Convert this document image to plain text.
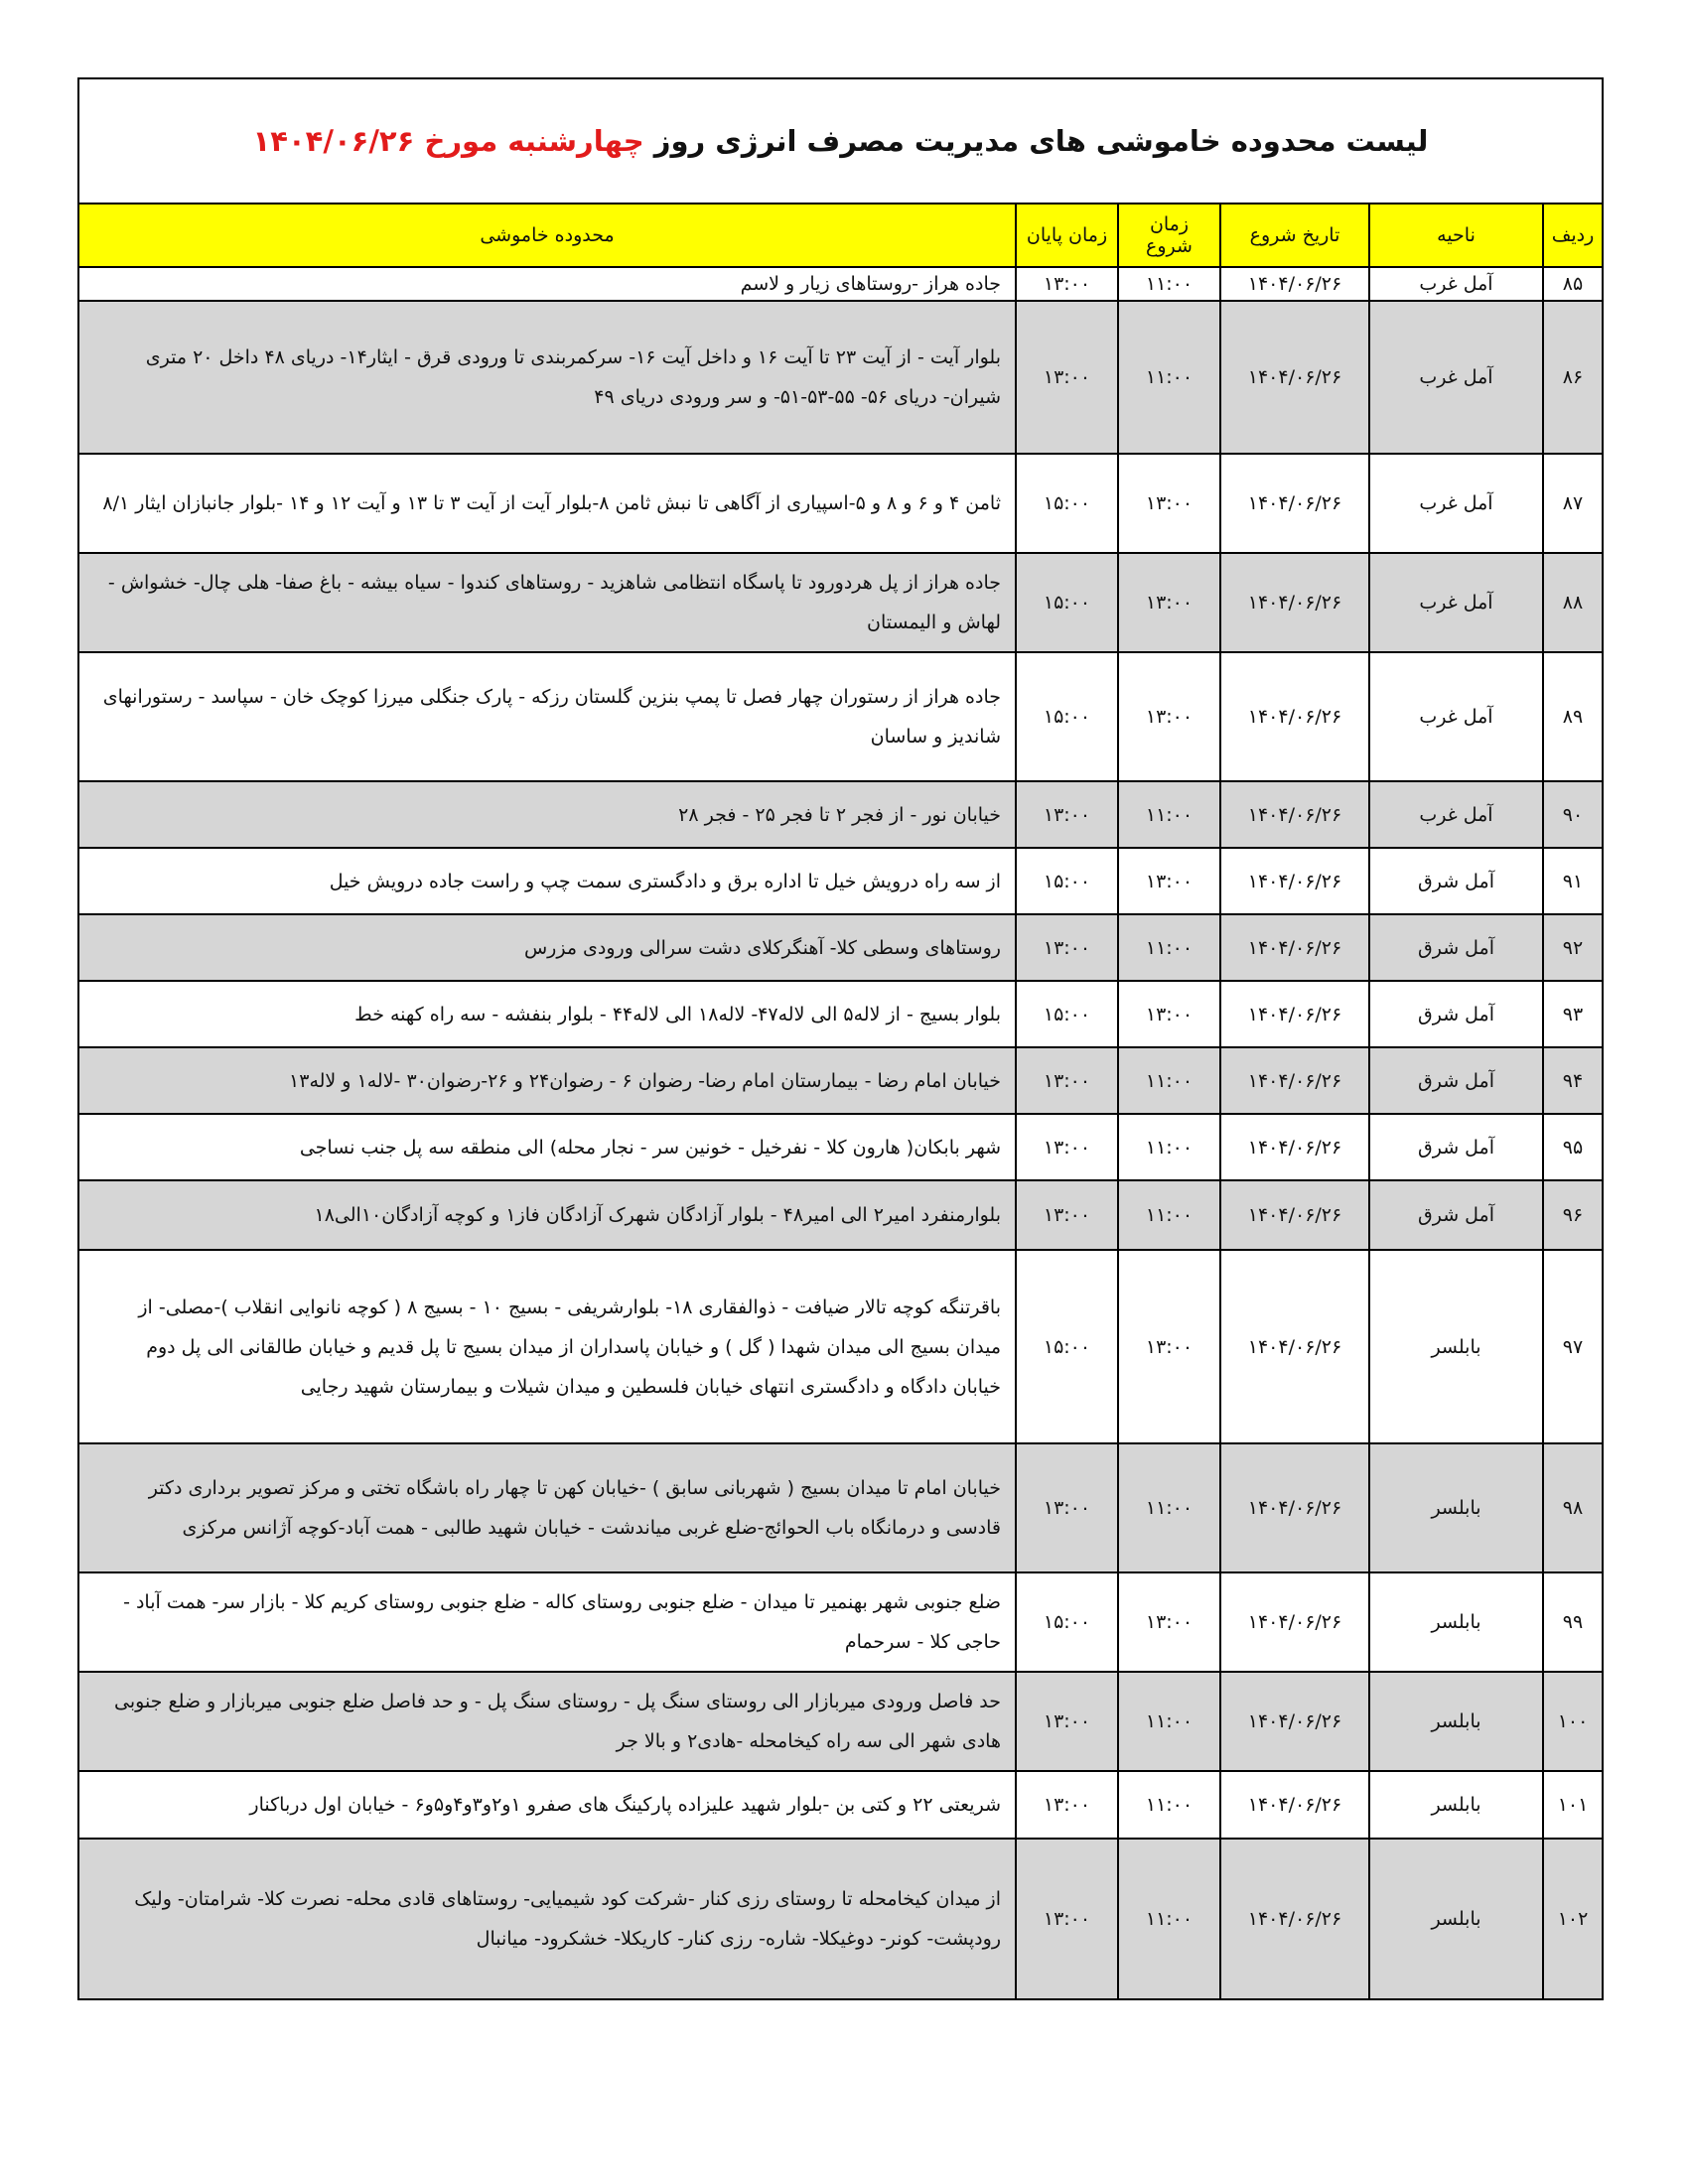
لیست محدوده خاموشی های مدیریت مصرف انرژی روز چهارشنبه مورخ ۱۴۰۴/۰۶/۲۶
ردیف	ناحیه	تاریخ شروع	زمان شروع	زمان پایان	محدوده خاموشی
۸۵	آمل غرب	۱۴۰۴/۰۶/۲۶	۱۱:۰۰	۱۳:۰۰	جاده هراز -روستاهای زیار و لاسم
۸۶	آمل غرب	۱۴۰۴/۰۶/۲۶	۱۱:۰۰	۱۳:۰۰	بلوار آیت - از آیت ۲۳ تا آیت ۱۶ و داخل آیت ۱۶- سرکمربندی تا ورودی قرق - ایثار۱۴- دریای ۴۸ داخل ۲۰ متری شیران- دریای ۵۶- ۵۵-۵۳-۵۱- و سر ورودی دریای ۴۹
۸۷	آمل غرب	۱۴۰۴/۰۶/۲۶	۱۳:۰۰	۱۵:۰۰	ثامن ۴ و ۶ و ۸ و ۵-اسپیاری از آگاهی تا نبش ثامن ۸-بلوار آیت از آیت ۳ تا ۱۳ و آیت ۱۲ و ۱۴ -بلوار جانبازان ایثار ۸/۱
۸۸	آمل غرب	۱۴۰۴/۰۶/۲۶	۱۳:۰۰	۱۵:۰۰	جاده هراز از پل هردورود تا پاسگاه انتظامی شاهزید - روستاهای کندوا - سیاه بیشه - باغ صفا- هلی چال- خشواش - لهاش و الیمستان
۸۹	آمل غرب	۱۴۰۴/۰۶/۲۶	۱۳:۰۰	۱۵:۰۰	جاده هراز از رستوران چهار فصل تا پمپ بنزین گلستان رزکه - پارک جنگلی میرزا کوچک خان - سپاسد - رستورانهای شاندیز و ساسان
۹۰	آمل غرب	۱۴۰۴/۰۶/۲۶	۱۱:۰۰	۱۳:۰۰	خیابان نور - از فجر ۲ تا فجر ۲۵ - فجر ۲۸
۹۱	آمل شرق	۱۴۰۴/۰۶/۲۶	۱۳:۰۰	۱۵:۰۰	از سه راه درویش خیل تا اداره برق و دادگستری سمت چپ و راست جاده درویش خیل
۹۲	آمل شرق	۱۴۰۴/۰۶/۲۶	۱۱:۰۰	۱۳:۰۰	روستاهای وسطی کلا- آهنگرکلای دشت سرالی ورودی مزرس
۹۳	آمل شرق	۱۴۰۴/۰۶/۲۶	۱۳:۰۰	۱۵:۰۰	بلوار بسیج - از لاله۵ الی لاله۴۷- لاله۱۸ الی لاله۴۴ - بلوار بنفشه - سه راه کهنه خط
۹۴	آمل شرق	۱۴۰۴/۰۶/۲۶	۱۱:۰۰	۱۳:۰۰	خیابان امام رضا - بیمارستان امام رضا- رضوان ۶ - رضوان۲۴ و ۲۶-رضوان۳۰ -لاله۱ و لاله۱۳
۹۵	آمل شرق	۱۴۰۴/۰۶/۲۶	۱۱:۰۰	۱۳:۰۰	شهر بابکان( هارون کلا - نفرخیل - خونین سر - نجار محله) الی منطقه سه پل جنب نساجی
۹۶	آمل شرق	۱۴۰۴/۰۶/۲۶	۱۱:۰۰	۱۳:۰۰	بلوارمنفرد امیر۲ الی امیر۴۸ - بلوار آزادگان شهرک آزادگان فاز۱ و کوچه آزادگان۱۰الی۱۸
۹۷	بابلسر	۱۴۰۴/۰۶/۲۶	۱۳:۰۰	۱۵:۰۰	باقرتنگه کوچه تالار ضیافت - ذوالفقاری ۱۸- بلوارشریفی - بسیج ۱۰ - بسیج ۸ ( کوچه نانوایی انقلاب )-مصلی- از میدان بسیج الی میدان شهدا ( گل ) و خیابان پاسداران از میدان بسیج تا پل قدیم و خیابان طالقانی الی پل دوم خیابان دادگاه و دادگستری انتهای خیابان فلسطین و میدان شیلات و بیمارستان شهید رجایی
۹۸	بابلسر	۱۴۰۴/۰۶/۲۶	۱۱:۰۰	۱۳:۰۰	خیابان امام تا میدان بسیج ( شهربانی سابق ) -خیابان کهن تا چهار راه باشگاه تختی و مرکز تصویر برداری دکتر قادسی و درمانگاه باب الحوائج-ضلع غربی میاندشت - خیابان شهید طالبی - همت آباد-کوچه آژانس مرکزی
۹۹	بابلسر	۱۴۰۴/۰۶/۲۶	۱۳:۰۰	۱۵:۰۰	ضلع جنوبی شهر بهنمیر تا میدان - ضلع جنوبی روستای کاله - ضلع جنوبی روستای کریم کلا - بازار سر- همت آباد - حاجی کلا - سرحمام
۱۰۰	بابلسر	۱۴۰۴/۰۶/۲۶	۱۱:۰۰	۱۳:۰۰	حد فاصل ورودی میربازار الی روستای سنگ پل - روستای سنگ پل - و حد فاصل ضلع جنوبی میربازار و ضلع جنوبی هادی شهر الی سه راه کیخامحله -هادی۲ و بالا جر
۱۰۱	بابلسر	۱۴۰۴/۰۶/۲۶	۱۱:۰۰	۱۳:۰۰	شریعتی ۲۲ و کتی بن -بلوار شهید علیزاده پارکینگ های صفرو ۱و۲و۳و۴و۵و۶ - خیابان اول درباکنار
۱۰۲	بابلسر	۱۴۰۴/۰۶/۲۶	۱۱:۰۰	۱۳:۰۰	از میدان کیخامحله تا روستای رزی کنار -شرکت کود شیمیایی- روستاهای قادی محله- نصرت کلا- شرامتان- ولیک رودپشت- کونر- دوغیکلا- شاره- رزی کنار- کاریکلا- خشکرود- میانبال
